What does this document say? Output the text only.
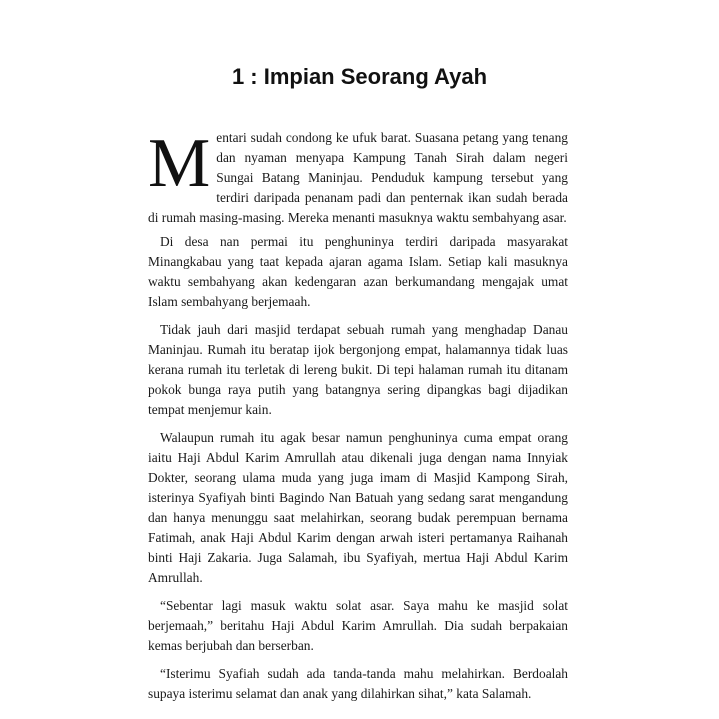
1 : Impian Seorang Ayah

Mentari sudah condong ke ufuk barat. Suasana petang yang tenang dan nyaman menyapa Kampung Tanah Sirah dalam negeri Sungai Batang Maninjau. Penduduk kampung tersebut yang terdiri daripada penanam padi dan penternak ikan sudah berada di rumah masing-masing. Mereka menanti masuknya waktu sembahyang asar.

Di desa nan permai itu penghuninya terdiri daripada masyarakat Minangkabau yang taat kepada ajaran agama Islam. Setiap kali masuknya waktu sembahyang akan kedengaran azan berkumandang mengajak umat Islam sembahyang berjemaah.

Tidak jauh dari masjid terdapat sebuah rumah yang menghadap Danau Maninjau. Rumah itu beratap ijok bergonjong empat, halamannya tidak luas kerana rumah itu terletak di lereng bukit. Di tepi halaman rumah itu ditanam pokok bunga raya putih yang batangnya sering dipangkas bagi dijadikan tempat menjemur kain.

Walaupun rumah itu agak besar namun penghuninya cuma empat orang iaitu Haji Abdul Karim Amrullah atau dikenali juga dengan nama Innyiak Dokter, seorang ulama muda yang juga imam di Masjid Kampong Sirah, isterinya Syafiyah binti Bagindo Nan Batuah yang sedang sarat mengandung dan hanya menunggu saat melahirkan, seorang budak perempuan bernama Fatimah, anak Haji Abdul Karim dengan arwah isteri pertamanya Raihanah binti Haji Zakaria. Juga Salamah, ibu Syafiyah, mertua Haji Abdul Karim Amrullah.

“Sebentar lagi masuk waktu solat asar. Saya mahu ke masjid solat berjemaah,” beritahu Haji Abdul Karim Amrullah. Dia sudah berpakaian kemas berjubah dan berserban.

“Isterimu Syafiah sudah ada tanda-tanda mahu melahirkan. Berdoalah supaya isterimu selamat dan anak yang dilahirkan sihat,” kata Salamah.
